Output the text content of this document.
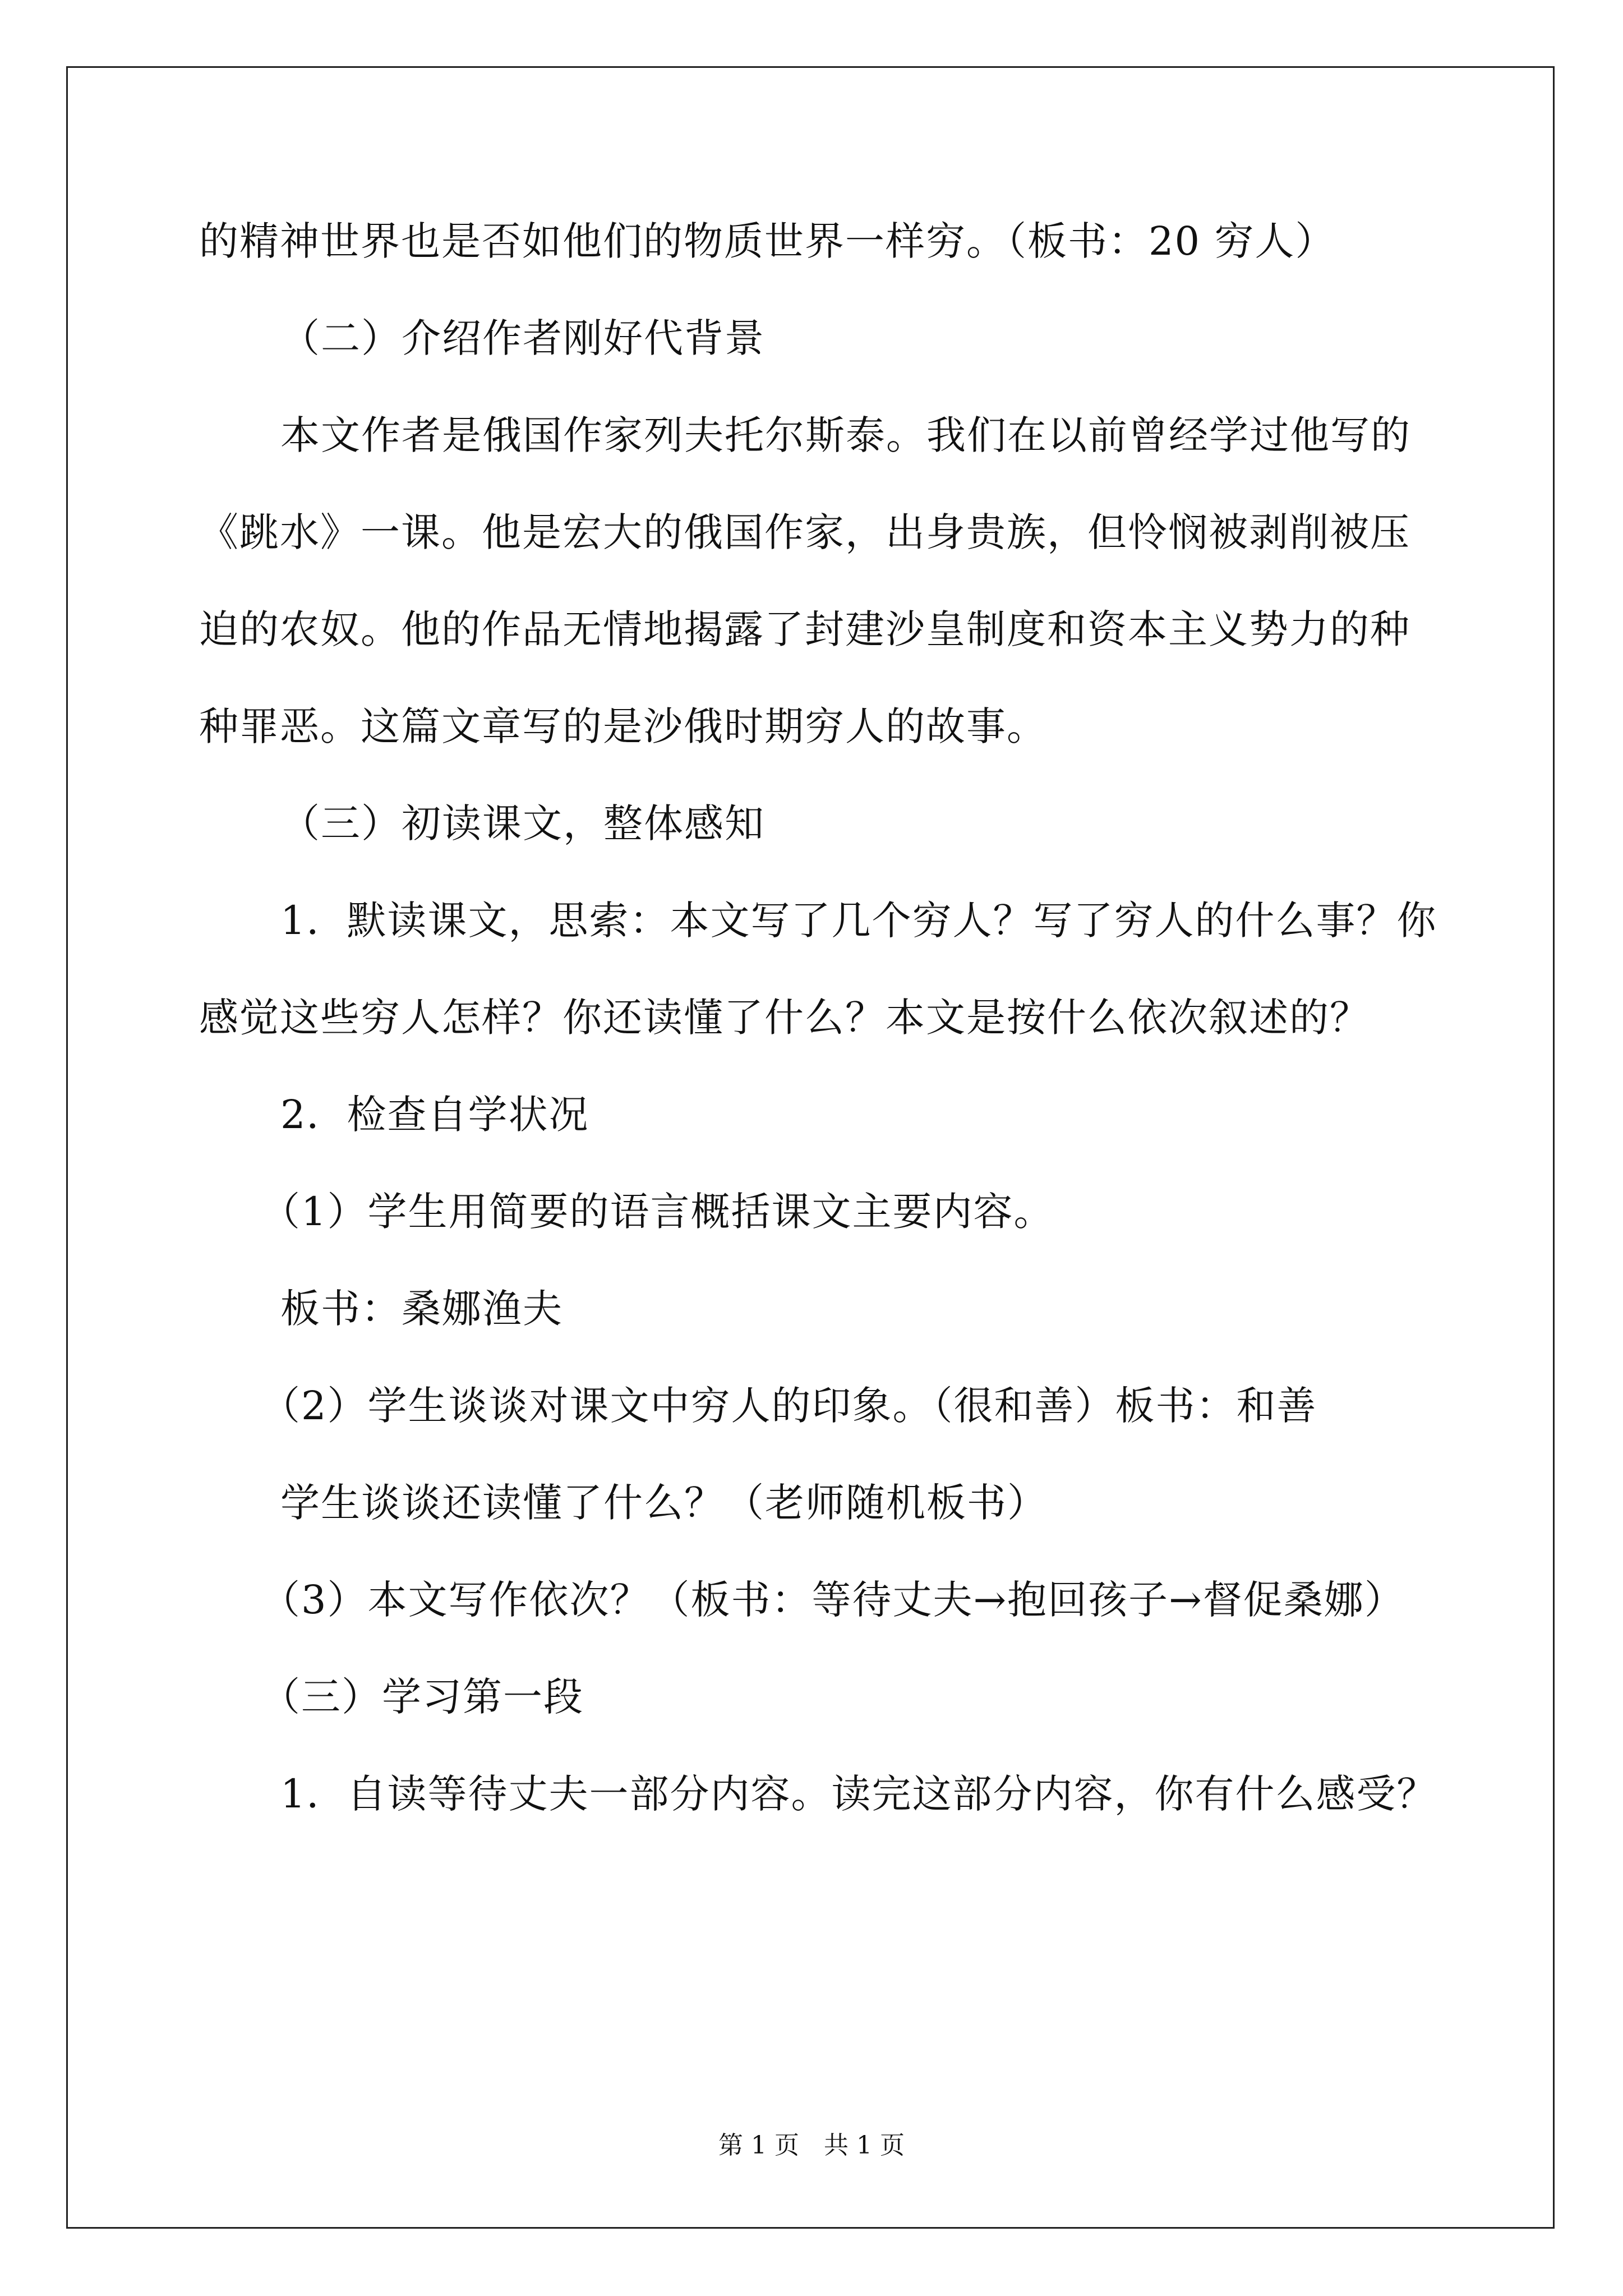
的精神世界也是否如他们的物质世界一样穷。（板书：20 穷人）
（二）介绍作者刚好代背景
本文作者是俄国作家列夫托尔斯泰。我们在以前曾经学过他写的
《跳水》一课。他是宏大的俄国作家，出身贵族，但怜悯被剥削被压
迫的农奴。他的作品无情地揭露了封建沙皇制度和资本主义势力的种
种罪恶。这篇文章写的是沙俄时期穷人的故事。
（三）初读课文，整体感知
1．默读课文，思索：本文写了几个穷人？写了穷人的什么事？你
感觉这些穷人怎样？你还读懂了什么？本文是按什么依次叙述的？
2．检查自学状况
（1）学生用简要的语言概括课文主要内容。
板书：桑娜渔夫
（2）学生谈谈对课文中穷人的印象。（很和善）板书：和善
学生谈谈还读懂了什么？（老师随机板书）
（3）本文写作依次？（板书：等待丈夫→抱回孩子→督促桑娜）
（三）学习第一段
1．自读等待丈夫一部分内容。读完这部分内容，你有什么感受？
第 1 页　共 1 页
